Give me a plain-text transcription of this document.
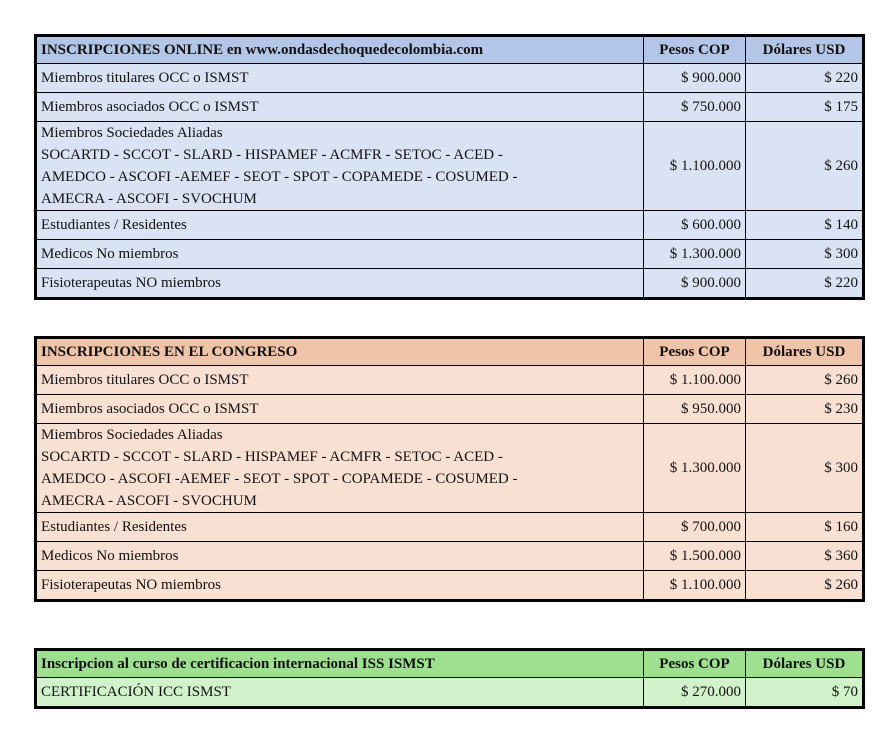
INSCRIPCIONES ONLINE en www.ondasdechoquedecolombia.com	Pesos COP	Dólares USD
Miembros titulares OCC o ISMST	$ 900.000	$ 220
Miembros asociados OCC o ISMST	$ 750.000	$ 175
Miembros Sociedades Aliadas
SOCARTD - SCCOT - SLARD - HISPAMEF - ACMFR - SETOC - ACED -
AMEDCO - ASCOFI -AEMEF - SEOT - SPOT - COPAMEDE - COSUMED -
AMECRA - ASCOFI - SVOCHUM	$ 1.100.000	$ 260
Estudiantes / Residentes	$ 600.000	$ 140
Medicos No miembros	$ 1.300.000	$ 300
Fisioterapeutas NO miembros	$ 900.000	$ 220
INSCRIPCIONES EN EL CONGRESO	Pesos COP	Dólares USD
Miembros titulares OCC o ISMST	$ 1.100.000	$ 260
Miembros asociados OCC o ISMST	$ 950.000	$ 230
Miembros Sociedades Aliadas
SOCARTD - SCCOT - SLARD - HISPAMEF - ACMFR - SETOC - ACED -
AMEDCO - ASCOFI -AEMEF - SEOT - SPOT - COPAMEDE - COSUMED -
AMECRA - ASCOFI - SVOCHUM	$ 1.300.000	$ 300
Estudiantes / Residentes	$ 700.000	$ 160
Medicos No miembros	$ 1.500.000	$ 360
Fisioterapeutas NO miembros	$ 1.100.000	$ 260
Inscripcion al curso de certificacion internacional ISS ISMST	Pesos COP	Dólares USD
CERTIFICACIÓN ICC ISMST	$ 270.000	$ 70
